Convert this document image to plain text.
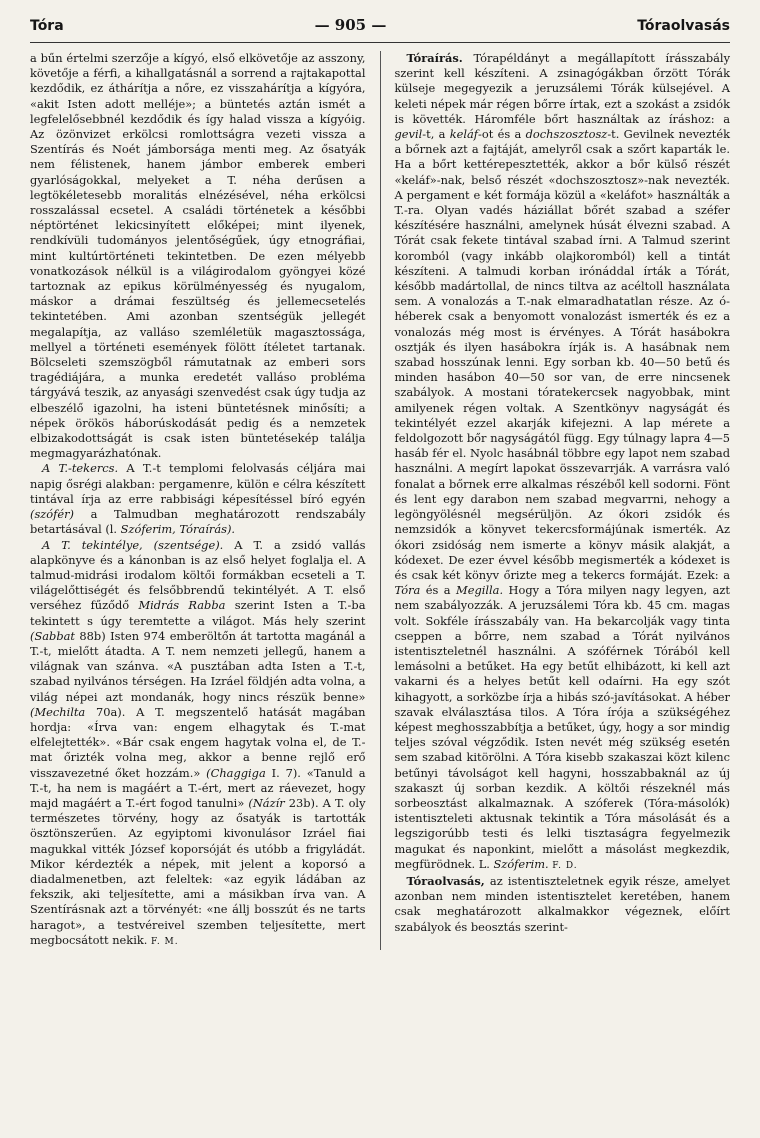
Tóra	— 905 —	Tóraolvasás

a bűn értelmi szerzője a kígyó, első elkövetője az asszony, követője a férfi, a kihallgatásnál a sorrend a rajtakapottal kezdődik, ez áthárítja a nőre, ez visszahárítja a kígyóra, «akit Isten adott melléje»; a büntetés aztán ismét a legfelelősebbnél kezdődik és így halad vissza a kígyóig. Az özönvizet erkölcsi romlottságra vezeti vissza a Szentírás és Noét jámborsága menti meg. Az ősatyák nem félistenek, hanem jámbor emberek emberi gyarlóságokkal, melyeket a T. néha derűsen a legtökéletesebb moralitás elnézésével, néha erkölcsi rosszalással ecsetel. A családi történetek a későbbi néptörténet lekicsinyített előképei; mint ilyenek, rendkívüli tudományos jelentőségűek, úgy etnográfiai, mint kultúrtörténeti tekintetben. De ezen mélyebb vonatkozások nélkül is a világirodalom gyöngyei közé tartoznak az epikus körülményesség és nyugalom, máskor a drámai feszültség és jellemecsetelés tekintetében. Ami azonban szentségük jellegét megalapítja, az valláso szemléletük magasztossága, mellyel a történeti események fölött ítéletet tartanak. Bölcseleti szemszögből rámutatnak az emberi sors tragédiájára, a munka eredetét valláso probléma tárgyává teszik, az anyasági szenvedést csak úgy tudja az elbeszélő igazolni, ha isteni büntetésnek minősíti; a népek örökös háborúskodását pedig és a nemzetek elbizakodottságát is csak isten büntetésekép találja megmagyarázhatónak.

A T.-tekercs. A T.-t templomi felolvasás céljára mai napig ősrégi alakban: pergamenre, külön e célra készített tintával írja az erre rabbisági képesítéssel bíró egyén (szófér) a Talmudban meghatározott rendszabály betartásával (l. Szóferim, Tóraírás).

A T. tekintélye, (szentsége). A T. a zsidó vallás alapkönyve és a kánonban is az első helyet foglalja el. A talmud-midrási irodalom költői formákban ecseteli a T. világelőttiségét és felsőbbrendű tekintélyét. A T. első verséhez fűződő Midrás Rabba szerint Isten a T.-ba tekintett s úgy teremtette a világot. Más hely szerint (Sabbat 88b) Isten 974 emberöltőn át tartotta magánál a T.-t, mielőtt átadta. A T. nem nemzeti jellegű, hanem a világnak van szánva. «A pusztában adta Isten a T.-t, szabad nyilvános térségen. Ha Izráel földjén adta volna, a világ népei azt mondanák, hogy nincs részük benne» (Mechilta 70a). A T. megszentelő hatását magában hordja: «Írva van: engem elhagytak és T.-mat elfelejtették». «Bár csak engem hagytak volna el, de T.-mat őrizték volna meg, akkor a benne rejlő erő visszavezetné őket hozzám.» (Chaggiga I. 7). «Tanuld a T.-t, ha nem is magáért a T.-ért, mert az ráevezet, hogy majd magáért a T.-ért fogod tanulni» (Názír 23b). A T. oly természetes törvény, hogy az ősatyák is tartották ösztönszerűen. Az egyiptomi kivonulásor Izráel fiai magukkal vitték József koporsóját és utóbb a frigyládát. Mikor kérdezték a népek, mit jelent a koporsó a diadalmenetben, azt feleltek: «az egyik ládában az fekszik, aki teljesítette, ami a másikban írva van. A Szentírásnak azt a törvényét: «ne állj bosszút és ne tarts haragot», a testvéreivel szemben teljesítette, mert megbocsátott nekik. F. M.

Tóraírás. Tórapéldányt a megállapított írásszabály szerint kell készíteni. A zsinagógákban őrzött Tórák külseje megegyezik a jeruzsálemi Tórák külsejével. A keleti népek már régen bőrre írtak, ezt a szokást a zsidók is követték. Háromféle bőrt használtak az íráshoz: a gevil-t, a keláf-ot és a dochszosztosz-t. Gevilnek nevezték a bőrnek azt a fajtáját, amelyről csak a szőrt kaparták le. Ha a bőrt kettérepesztették, akkor a bőr külső részét «keláf»-nak, belső részét «dochszosztosz»-nak nevezték. A pergament e két formája közül a «keláfot» használták a T.-ra. Olyan vadés háziállat bőrét szabad a széfer készítésére használni, amelynek húsát élvezni szabad. A Tórát csak fekete tintával szabad írni. A Talmud szerint koromból (vagy inkább olajkoromból) kell a tintát készíteni. A talmudi korban irónáddal írták a Tórát, később madártollal, de nincs tiltva az acéltoll használata sem. A vonalozás a T.-nak elmaradhatatlan része. Az ó-héberek csak a benyomott vonalozást ismerték és ez a vonalozás még most is érvényes. A Tórát hasábokra osztják és ilyen hasábokra írják is. A hasábnak nem szabad hosszúnak lenni. Egy sorban kb. 40—50 betű és minden hasábon 40—50 sor van, de erre nincsenek szabályok. A mostani tóratekercsek nagyobbak, mint amilyenek régen voltak. A Szentkönyv nagyságát és tekintélyét ezzel akarják kifejezni. A lap mérete a feldolgozott bőr nagyságától függ. Egy túlnagy lapra 4—5 hasáb fér el. Nyolc hasábnál többre egy lapot nem szabad használni. A megírt lapokat összevarrják. A varrásra való fonalat a bőrnek erre alkalmas részéből kell sodorni. Fönt és lent egy darabon nem szabad megvarrni, nehogy a legöngyölésnél megsérüljön. Az ókori zsidók és nemzsidók a könyvet tekercsformájúnak ismerték. Az ókori zsidóság nem ismerte a könyv másik alakját, a kódexet. De ezer évvel később megismerték a kódexet is és csak két könyv őrizte meg a tekercs formáját. Ezek: a Tóra és a Megilla. Hogy a Tóra milyen nagy legyen, azt nem szabályozzák. A jeruzsálemi Tóra kb. 45 cm. magas volt. Sokféle írásszabály van. Ha bekarcolják vagy tinta cseppen a bőrre, nem szabad a Tórát nyilvános istentiszteletnél használni. A szóférnek Tórából kell lemásolni a betűket. Ha egy betűt elhibázott, ki kell azt vakarni és a helyes betűt kell odaírni. Ha egy szót kihagyott, a sorközbe írja a hibás szó-javításokat. A héber szavak elválasztása tilos. A Tóra írója a szükségéhez képest meghosszabbítja a betűket, úgy, hogy a sor mindig teljes szóval végződik. Isten nevét még szükség esetén sem szabad kitörölni. A Tóra kisebb szakaszai közt kilenc betűnyi távolságot kell hagyni, hosszabbaknál az új szakaszt új sorban kezdik. A költői részeknél más sorbeosztást alkalmaznak. A szóferek (Tóra-másolók) istentiszteleti aktusnak tekintik a Tóra másolását és a legszigorúbb testi és lelki tisztaságra fegyelmezik magukat és naponkint, mielőtt a másolást megkezdik, megfürödnek. L. Szóferim. F. D.

Tóraolvasás, az istentiszteletnek egyik része, amelyet azonban nem minden istentisztelet keretében, hanem csak meghatározott alkalmakkor végeznek, előírt szabályok és beosztás szerint-
